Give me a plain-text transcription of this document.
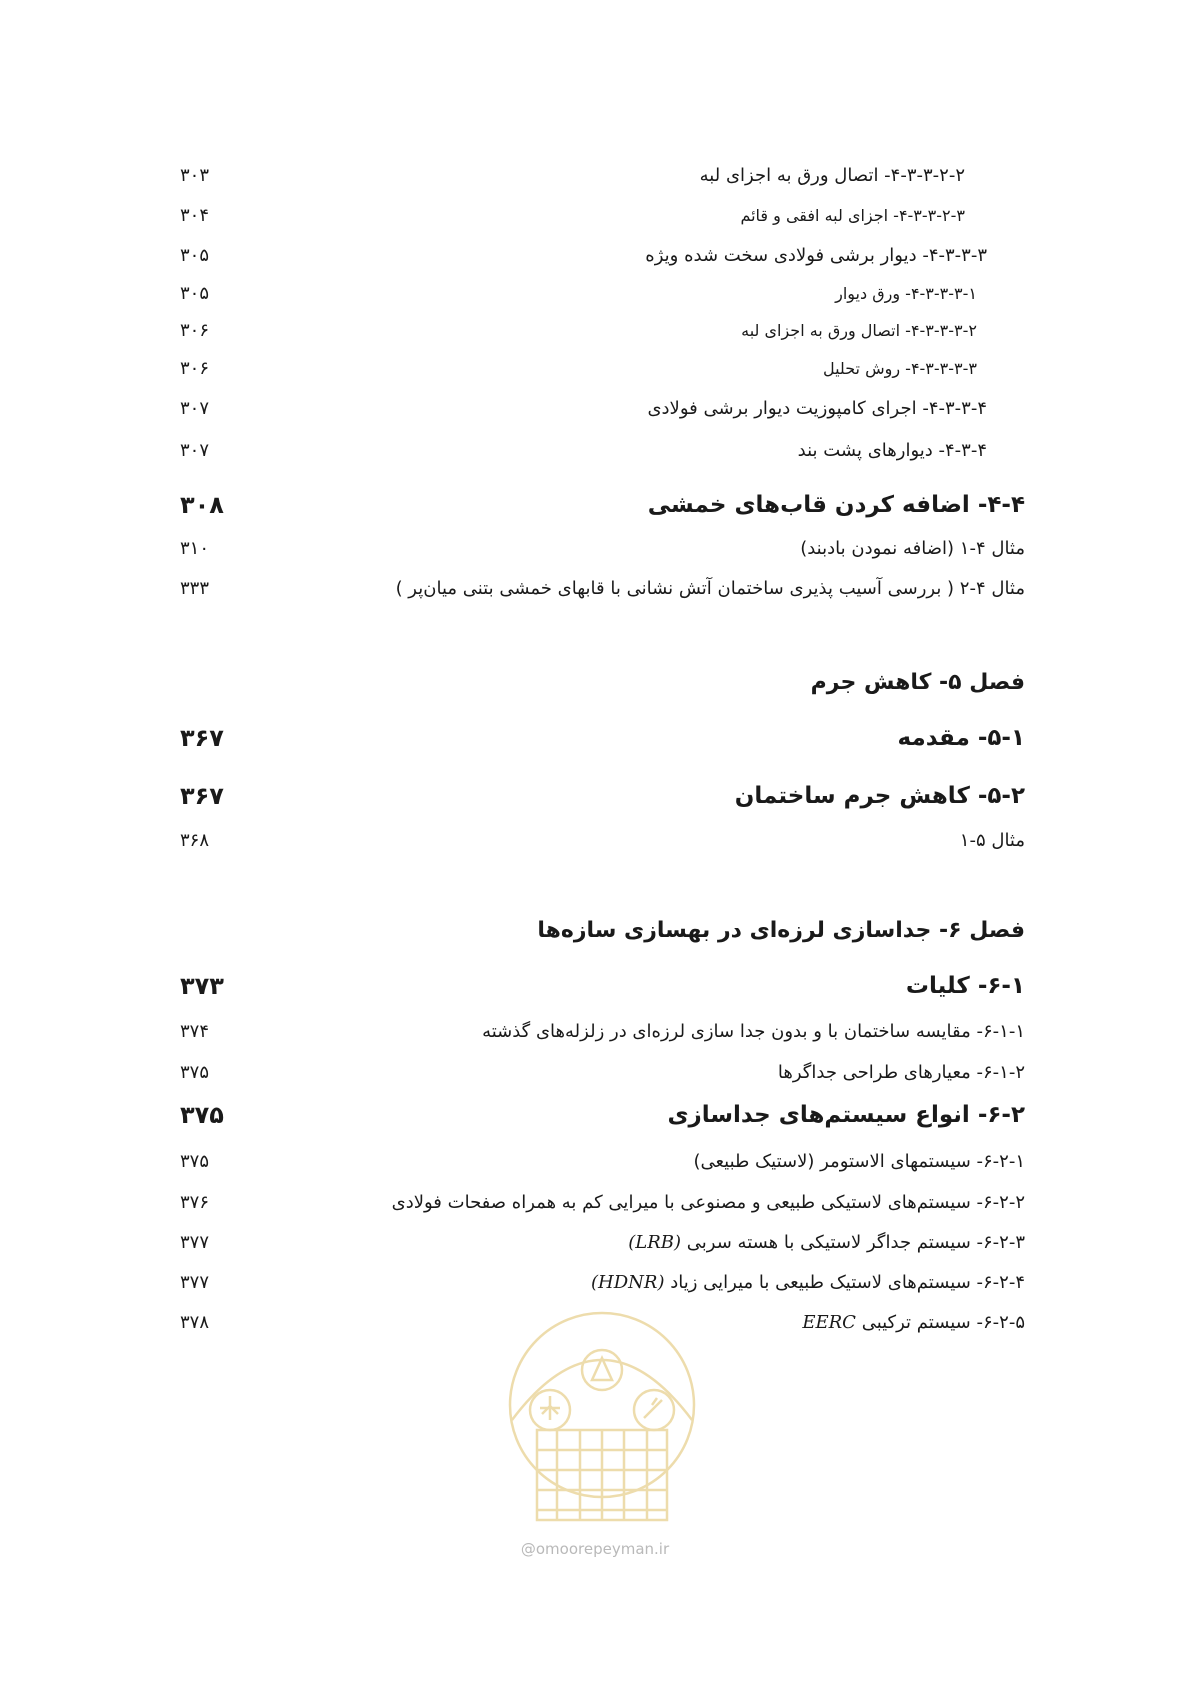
۳۰۳	۴-۳-۳-۲-۲- اتصال ورق به اجزای لبه
۳۰۴	۴-۳-۳-۲-۳- اجزای لبه افقی و قائم
۳۰۵	۴-۳-۳-۳- دیوار برشی فولادی سخت شده ویژه
۳۰۵	۴-۳-۳-۳-۱- ورق دیوار
۳۰۶	۴-۳-۳-۳-۲- اتصال ورق به اجزای لبه
۳۰۶	۴-۳-۳-۳-۳- روش تحلیل
۳۰۷	۴-۳-۳-۴- اجرای کامپوزیت دیوار برشی فولادی
۳۰۷	۴-۳-۴- دیوارهای پشت بند
۳۰۸	۴-۴- اضافه کردن قاب‌های خمشی
۳۱۰	مثال ۴-۱ (اضافه نمودن بادبند)
۳۳۳	مثال ۴-۲ ( بررسی آسیب پذیری ساختمان آتش نشانی با قابهای خمشی بتنی میان‌پر )
فصل ۵- کاهش جرم
۳۶۷	۵-۱- مقدمه
۳۶۷	۵-۲- کاهش جرم ساختمان
۳۶۸	مثال ۵-۱
فصل ۶- جداسازی لرزه‌ای در بهسازی سازه‌ها
۳۷۳	۶-۱- کلیات
۳۷۴	۶-۱-۱- مقایسه ساختمان با و بدون جدا سازی لرزه‌ای در زلزله‌های گذشته
۳۷۵	۶-۱-۲- معیارهای طراحی جداگرها
۳۷۵	۶-۲- انواع سیستم‌های جداسازی
۳۷۵	۶-۲-۱- سیستمهای الاستومر (لاستیک طبیعی)
۳۷۶	۶-۲-۲- سیستم‌های لاستیکی طبیعی و مصنوعی با میرایی کم به همراه صفحات فولادی
۳۷۷	۶-۲-۳- سیستم جداگر لاستیکی با هسته سربی (LRB)
۳۷۷	۶-۲-۴- سیستم‌های لاستیک طبیعی با میرایی زیاد (HDNR)
۳۷۸	۶-۲-۵- سیستم ترکیبی EERC
@omoorepeyman.ir
